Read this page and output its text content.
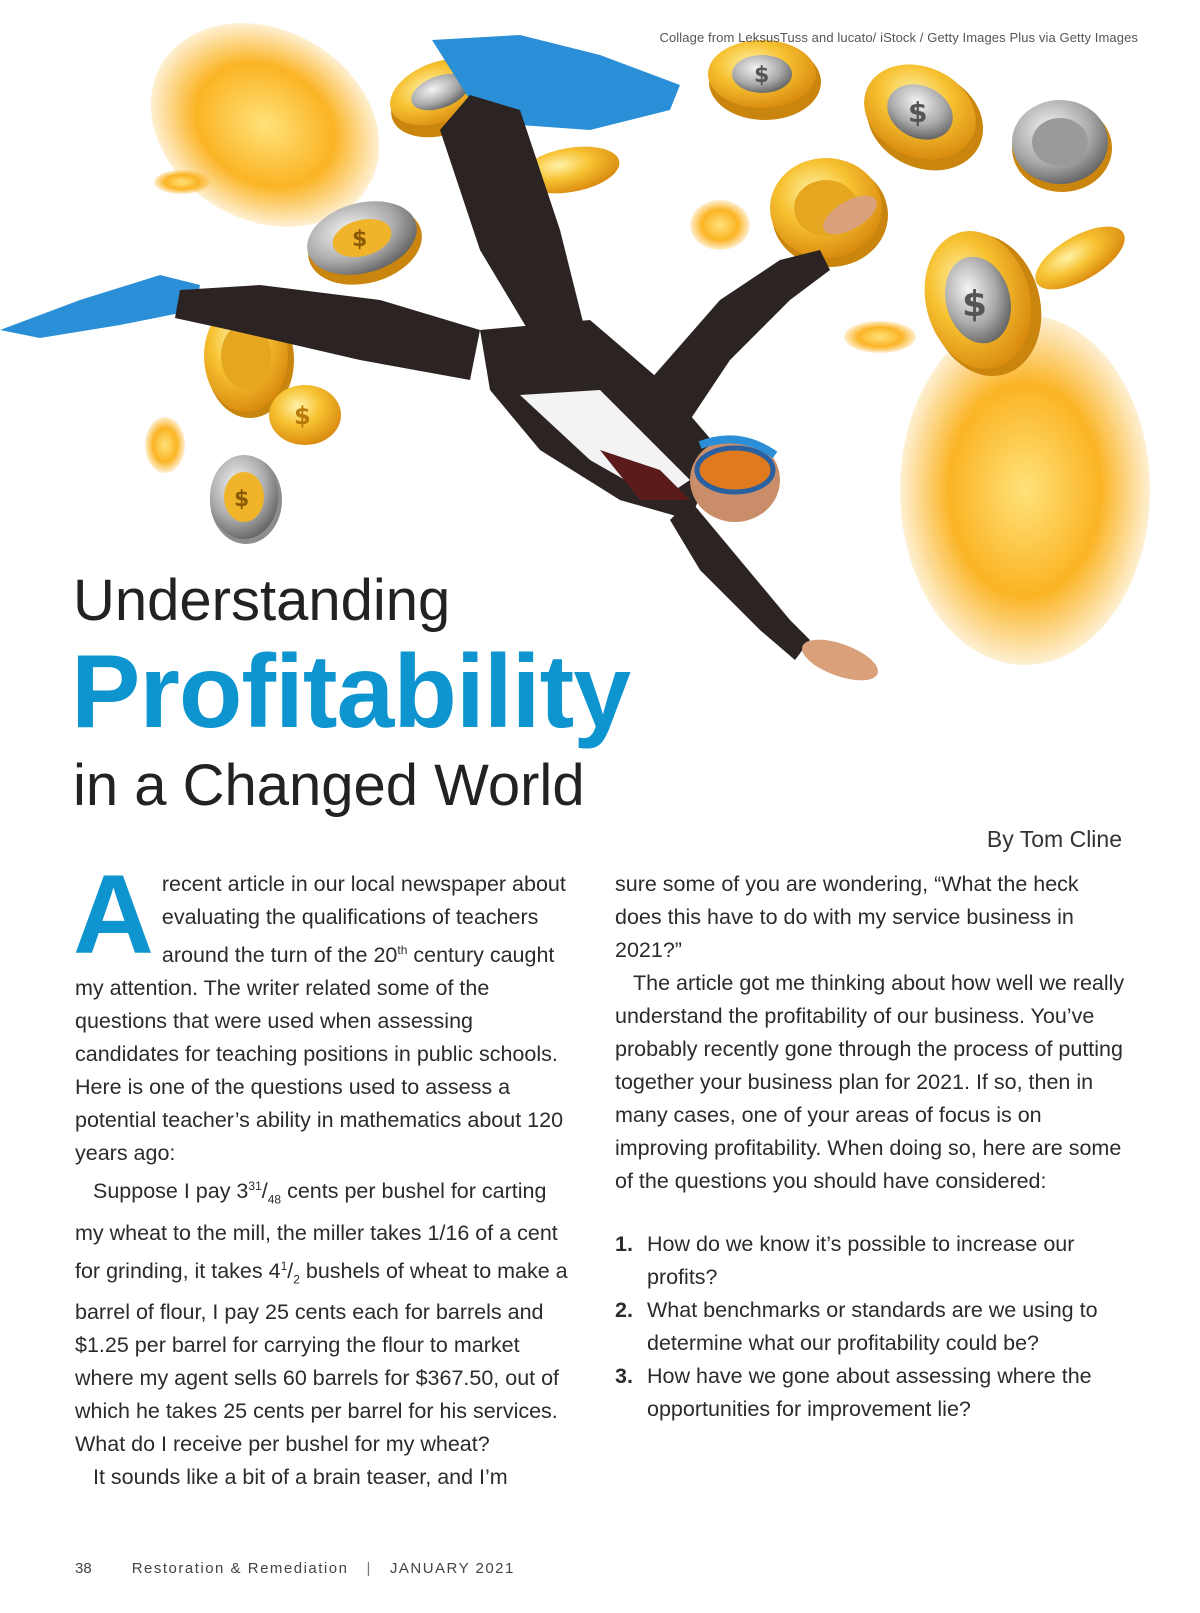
$
$
$
$
$
$
Collage from LeksusTuss and lucato/ iStock / Getty Images Plus via Getty Images
Understanding
Profitability
in a Changed World
By Tom Cline

Arecent article in our local newspaper about evaluating the qualifications of teachers around the turn of the 20th century caught my attention. The writer related some of the questions that were used when assessing candidates for teaching positions in public schools. Here is one of the questions used to assess a potential teacher’s ability in mathematics about 120 years ago:

Suppose I pay $3^{31}/_{48}$ cents per bushel for carting my wheat to the mill, the miller takes 1/16 of a cent for grinding, it takes $4^1/_2$ bushels of wheat to make a barrel of flour, I pay 25 cents each for barrels and $1.25 per barrel for carrying the flour to market where my agent sells 60 barrels for $367.50, out of which he takes 25 cents per barrel for his services. What do I receive per bushel for my wheat?

It sounds like a bit of a brain teaser, and I’m

sure some of you are wondering, “What the heck does this have to do with my service business in 2021?”

The article got me thinking about how well we really understand the profitability of our business. You’ve probably recently gone through the process of putting together your business plan for 2021. If so, then in many cases, one of your areas of focus is on improving profitability. When doing so, here are some of the questions you should have considered:

1. How do we know it’s possible to increase our profits?
2. What benchmarks or standards are we using to determine what our profitability could be?
3. How have we gone about assessing where the opportunities for improvement lie?
38	Restoration & Remediation | JANUARY 2021
